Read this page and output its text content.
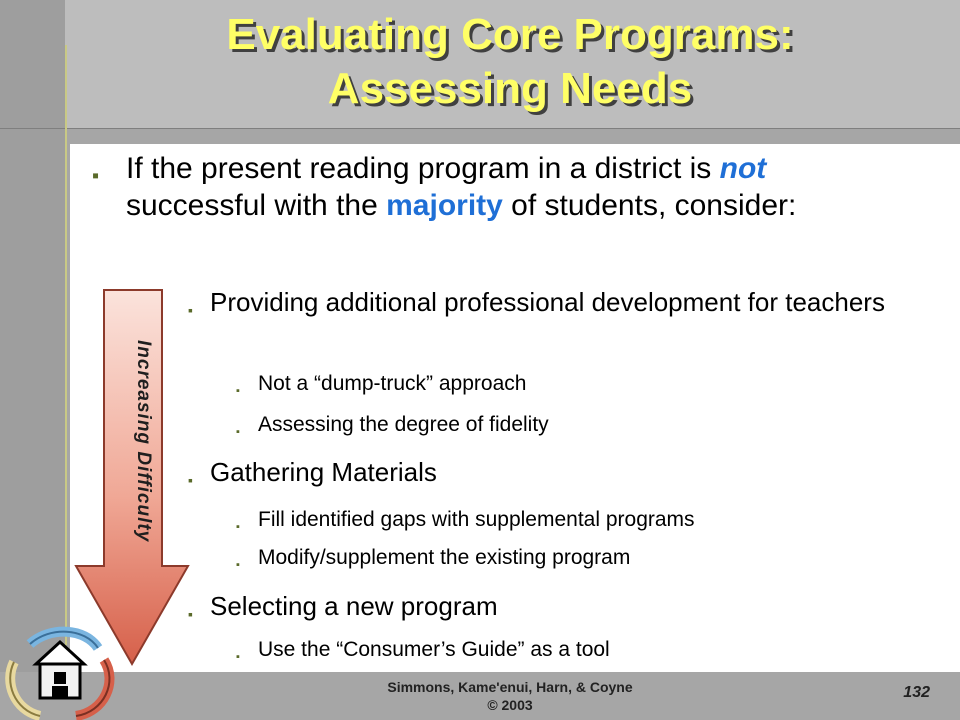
Evaluating Core Programs:
Assessing Needs
▪ If the present reading program in a district is not successful with the majority of students, consider:
▪ Providing additional professional development for teachers
▪ Not a “dump-truck” approach
▪ Assessing the degree of fidelity
▪ Gathering Materials
▪ Fill identified gaps with supplemental programs
▪ Modify/supplement the existing program
▪ Selecting a new program
▪ Use the “Consumer’s Guide” as a tool
Increasing Difficulty
Simmons, Kame'enui, Harn, & Coyne
© 2003
132
